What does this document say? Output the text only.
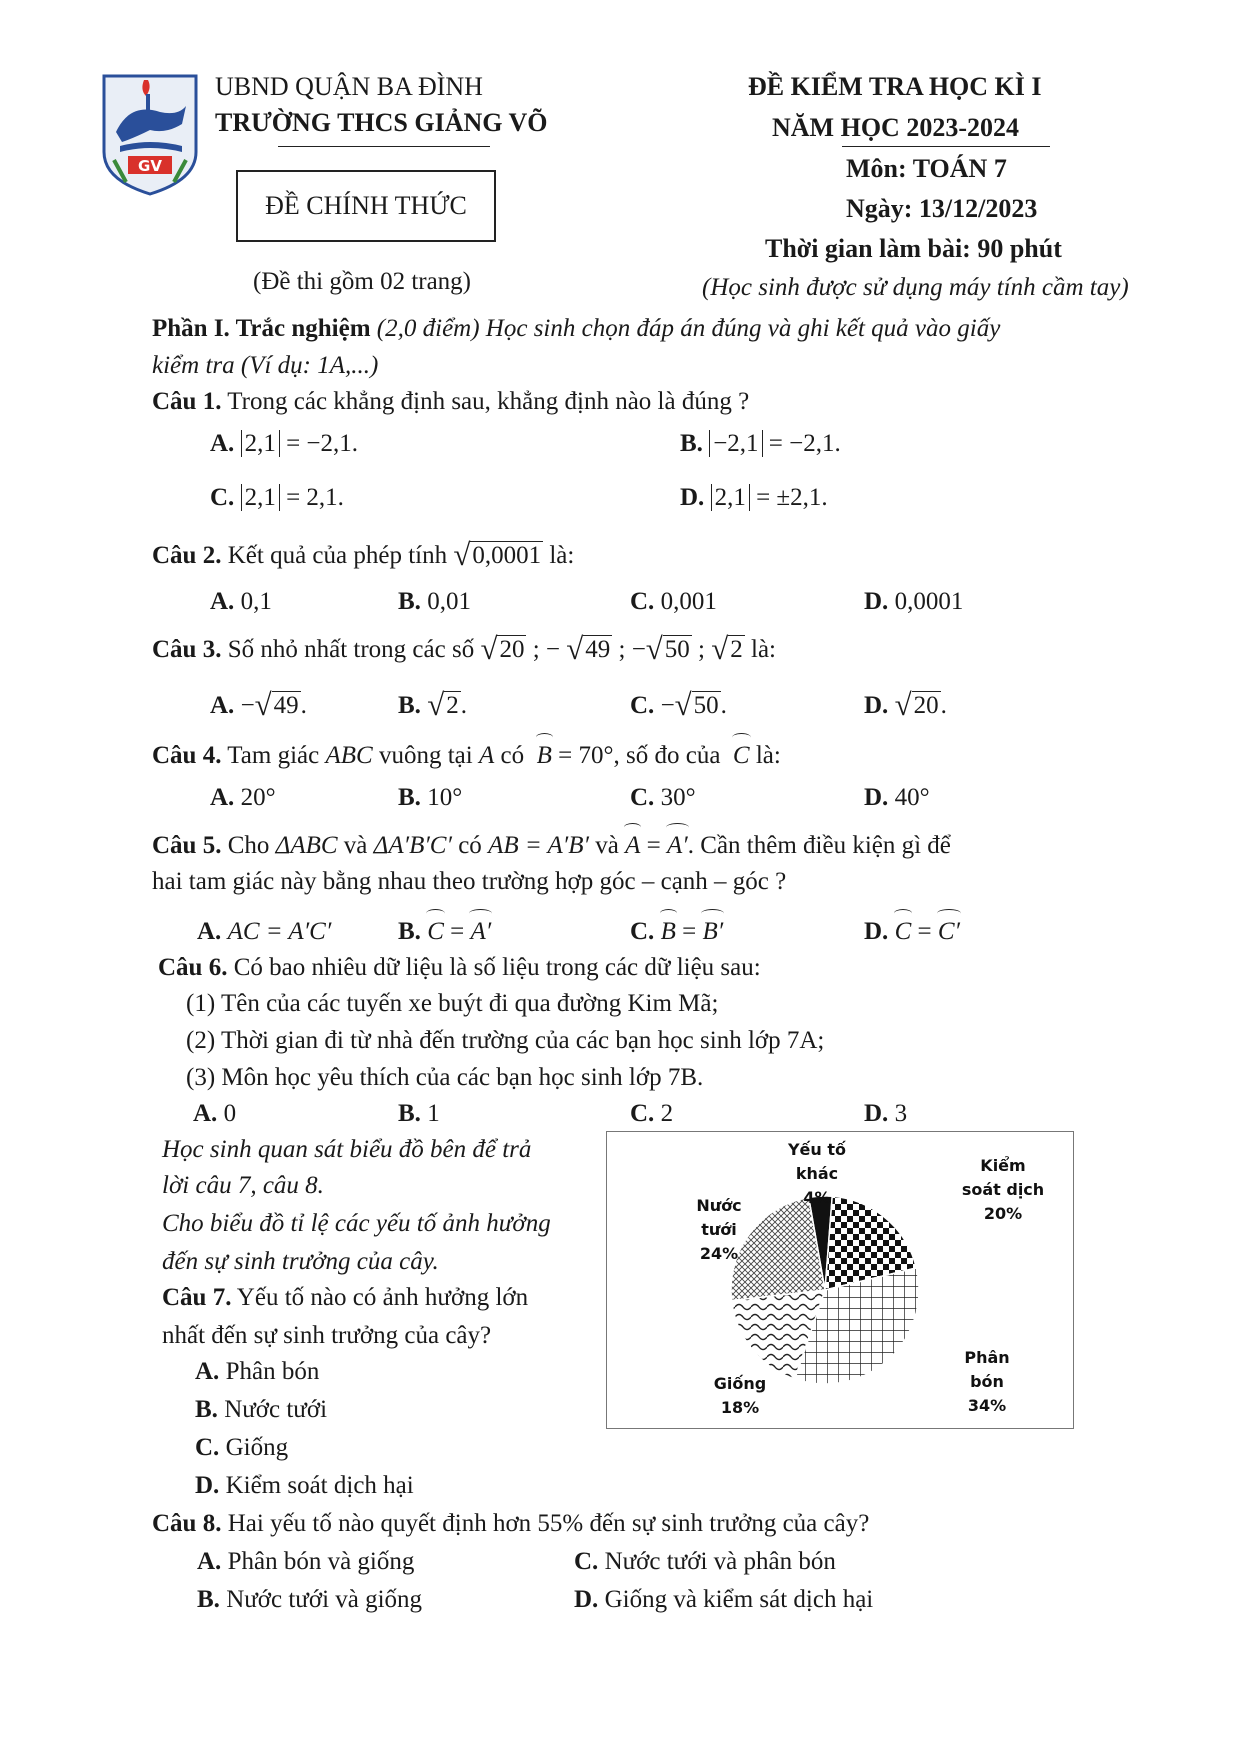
GV
UBND QUẬN BA ĐÌNH
TRƯỜNG THCS GIẢNG VÕ
ĐỀ CHÍNH THỨC
(Đề thi gồm 02 trang)
ĐỀ KIỂM TRA HỌC KÌ I
NĂM HỌC 2023-2024
Môn: TOÁN 7
Ngày: 13/12/2023
Thời gian làm bài: 90 phút
(Học sinh được sử dụng máy tính cầm tay)
Phần I. Trắc nghiệm (2,0 điểm) Học sinh chọn đáp án đúng và ghi kết quả vào giấy
kiểm tra (Ví dụ: 1A,...)
Câu 1. Trong các khẳng định sau, khẳng định nào là đúng ?
A. 2,1 = −2,1.	B. −2,1 = −2,1.
C. 2,1 = 2,1.	D. 2,1 = ±2,1.
Câu 2. Kết quả của phép tính √ 0,0001 là:
A. 0,1	B. 0,01	C. 0,001	D. 0,0001
Câu 3. Số nhỏ nhất trong các số √ 20 ; − √ 49 ; − √ 50 ; √ 2 là:
A. − √ 49.	B. √ 2.	C. − √ 50.	D. √ 20.
Câu 4. Tam giác ABC vuông tại A có B = 70°, số đo của C là:
A. 20°	B. 10°	C. 30°	D. 40°
Câu 5. Cho ΔABC và ΔA′B′C′ có AB = A′B′ và A = A′. Cần thêm điều kiện gì để
hai tam giác này bằng nhau theo trường hợp góc – cạnh – góc ?
A. AC = A′C′	B. C = A′	C. B = B′	D. C = C′
Câu 6. Có bao nhiêu dữ liệu là số liệu trong các dữ liệu sau:
(1) Tên của các tuyến xe buýt đi qua đường Kim Mã;
(2) Thời gian đi từ nhà đến trường của các bạn học sinh lớp 7A;
(3) Môn học yêu thích của các bạn học sinh lớp 7B.
A. 0	B. 1	C. 2	D. 3
Học sinh quan sát biểu đồ bên để trả
lời câu 7, câu 8.
Cho biểu đồ tỉ lệ các yếu tố ảnh hưởng
đến sự sinh trưởng của cây.
Câu 7. Yếu tố nào có ảnh hưởng lớn
nhất đến sự sinh trưởng của cây?
A. Phân bón
B. Nước tưới
C. Giống
D. Kiểm soát dịch hại
Câu 8. Hai yếu tố nào quyết định hơn 55% đến sự sinh trưởng của cây?
A. Phân bón và giống	C. Nước tưới và phân bón
B. Nước tưới và giống	D. Giống và kiểm sát dịch hại
Yếu tố
khác
4%
Kiểm
soát dịch
20%
Phân
bón
34%
Giống
18%
Nước
tưới
24%
